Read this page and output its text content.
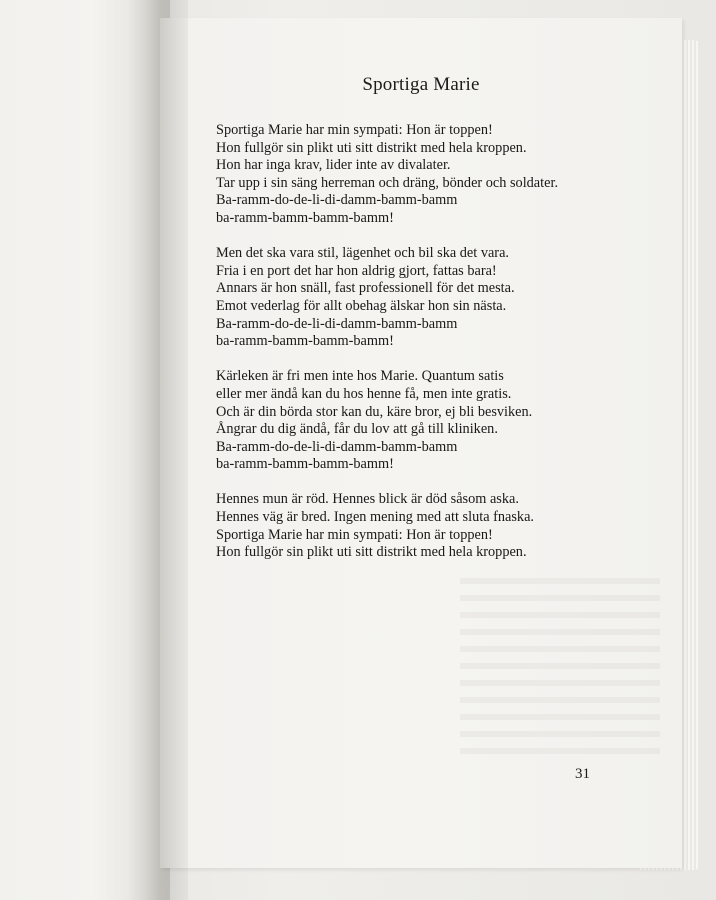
Sportiga Marie
Sportiga Marie har min sympati: Hon är toppen!
Hon fullgör sin plikt uti sitt distrikt med hela kroppen.
Hon har inga krav, lider inte av divalater.
Tar upp i sin säng herreman och dräng, bönder och soldater.
Ba-ramm-do-de-li-di-damm-bamm-bamm
ba-ramm-bamm-bamm-bamm!
Men det ska vara stil, lägenhet och bil ska det vara.
Fria i en port det har hon aldrig gjort, fattas bara!
Annars är hon snäll, fast professionell för det mesta.
Emot vederlag för allt obehag älskar hon sin nästa.
Ba-ramm-do-de-li-di-damm-bamm-bamm
ba-ramm-bamm-bamm-bamm!
Kärleken är fri men inte hos Marie. Quantum satis
eller mer ändå kan du hos henne få, men inte gratis.
Och är din börda stor kan du, käre bror, ej bli besviken.
Ångrar du dig ändå, får du lov att gå till kliniken.
Ba-ramm-do-de-li-di-damm-bamm-bamm
ba-ramm-bamm-bamm-bamm!
Hennes mun är röd. Hennes blick är död såsom aska.
Hennes väg är bred. Ingen mening med att sluta fnaska.
Sportiga Marie har min sympati: Hon är toppen!
Hon fullgör sin plikt uti sitt distrikt med hela kroppen.
31
